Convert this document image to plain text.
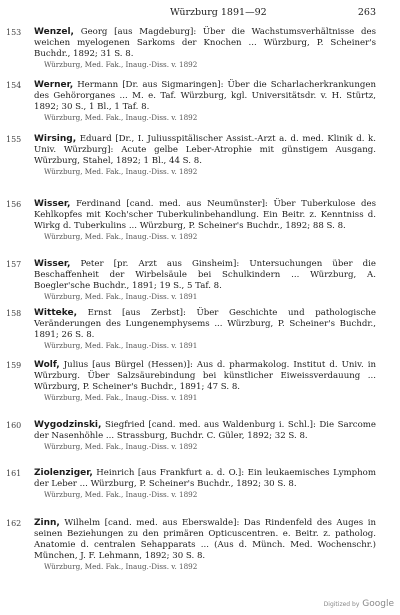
Würzburg 1891—92	263
153	Wenzel, Georg [aus Magdeburg]: Über die Wachstumsverhältnisse des weichen myelogenen Sarkoms der Knochen ... Würzburg, P. Scheiner's Buchdr., 1892; 31 S. 8.
Würzburg, Med. Fak., Inaug.-Diss. v. 1892
154	Werner, Hermann [Dr. aus Sigmaringen]: Über die Scharlacherkrankungen des Gehörorganes ... M. e. Taf. Würzburg, kgl. Universitätsdr. v. H. Stürtz, 1892; 30 S., 1 Bl., 1 Taf. 8.
Würzburg, Med. Fak., Inaug.-Diss. v. 1892
155	Wirsing, Eduard [Dr., I. Juliusspitälischer Assist.-Arzt a. d. med. Klinik d. k. Univ. Würzburg]: Acute gelbe Leber-Atrophie mit günstigem Ausgang. Würzburg, Stahel, 1892; 1 Bl., 44 S. 8.
Würzburg, Med. Fak., Inaug.-Diss. v. 1892
156	Wisser, Ferdinand [cand. med. aus Neumünster]: Über Tuberkulose des Kehlkopfes mit Koch'scher Tuberkulinbehandlung. Ein Beitr. z. Kenntniss d. Wirkg d. Tuberkulins ... Würzburg, P. Scheiner's Buchdr., 1892; 88 S. 8.
Würzburg, Med. Fak., Inaug.-Diss. v. 1892
157	Wisser, Peter [pr. Arzt aus Ginsheim]: Untersuchungen über die Beschaffenheit der Wirbelsäule bei Schulkindern ... Würzburg, A. Boegler'sche Buchdr., 1891; 19 S., 5 Taf. 8.
Würzburg, Med. Fak., Inaug.-Diss. v. 1891
158	Witteke, Ernst [aus Zerbst]: Über Geschichte und pathologische Veränderungen des Lungenemphysems ... Würzburg, P. Scheiner's Buchdr., 1891; 26 S. 8.
Würzburg, Med. Fak., Inaug.-Diss. v. 1891
159	Wolf, Julius [aus Bürgel (Hessen)]: Aus d. pharmakolog. Institut d. Univ. in Würzburg. Über Salzsäurebindung bei künstlicher Eiweissverdauung ... Würzburg, P. Scheiner's Buchdr., 1891; 47 S. 8.
Würzburg, Med. Fak., Inaug.-Diss. v. 1891
160	Wygodzinski, Siegfried [cand. med. aus Waldenburg i. Schl.]: Die Sarcome der Nasenhöhle ... Strassburg, Buchdr. C. Güler, 1892; 32 S. 8.
Würzburg, Med. Fak., Inaug.-Diss. v. 1892
161	Ziolenziger, Heinrich [aus Frankfurt a. d. O.]: Ein leukaemisches Lymphom der Leber ... Würzburg, P. Scheiner's Buchdr., 1892; 30 S. 8.
Würzburg, Med. Fak., Inaug.-Diss. v. 1892
162	Zinn, Wilhelm [cand. med. aus Eberswalde]: Das Rindenfeld des Auges in seinen Beziehungen zu den primären Opticuscentren. e. Beitr. z. patholog. Anatomie d. centralen Sehapparats ... (Aus d. Münch. Med. Wochenschr.) München, J. F. Lehmann, 1892; 30 S. 8.
Würzburg, Med. Fak., Inaug.-Diss. v. 1892
Digitized by Google
